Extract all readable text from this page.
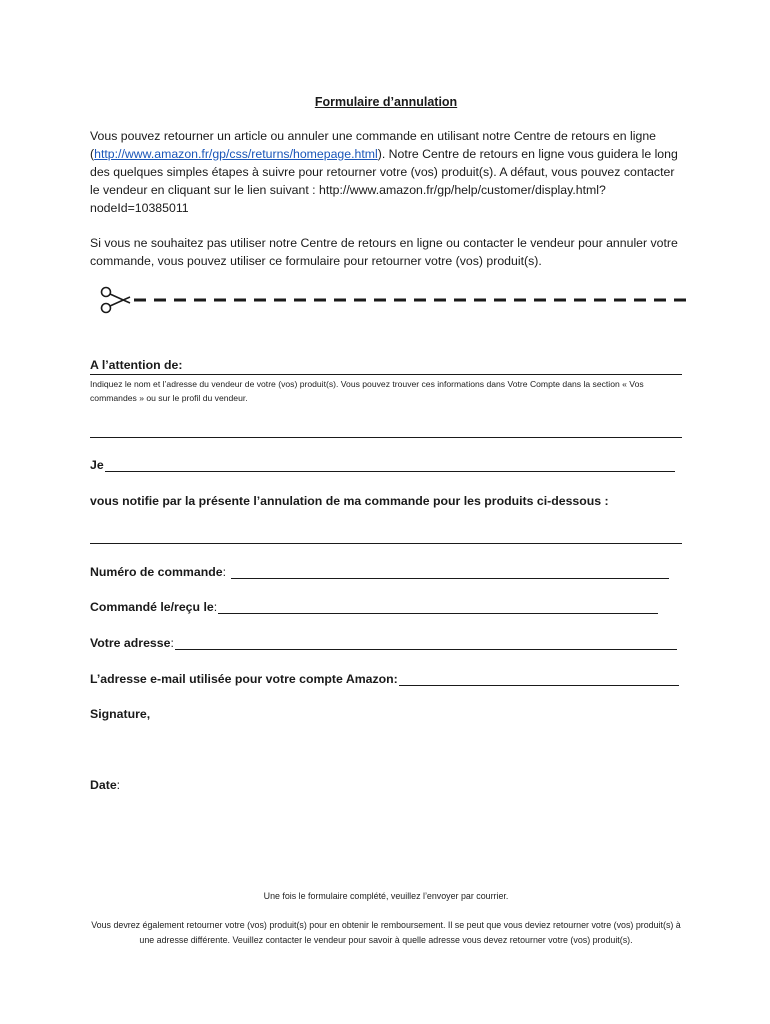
Formulaire d’annulation
Vous pouvez retourner un article ou annuler une commande en utilisant notre Centre de retours en ligne (http://www.amazon.fr/gp/css/returns/homepage.html). Notre Centre de retours en ligne vous guidera le long des quelques simples étapes à suivre pour retourner votre (vos) produit(s). A défaut, vous pouvez contacter le vendeur en cliquant sur le lien suivant : http://www.amazon.fr/gp/help/customer/display.html?nodeId=10385011
Si vous ne souhaitez pas utiliser notre Centre de retours en ligne ou contacter le vendeur pour annuler votre commande, vous pouvez utiliser ce formulaire pour retourner votre (vos) produit(s).
A l’attention de:
Indiquez le nom et l’adresse du vendeur de votre (vos) produit(s). Vous pouvez trouver ces informations dans Votre Compte dans la section « Vos commandes » ou sur le profil du vendeur.
Je
vous notifie par la présente l’annulation de ma commande pour les produits ci-dessous :
Numéro de commande :
Commandé le/reçu le :
Votre adresse :
L’adresse e-mail utilisée pour votre compte Amazon:
Signature,
Date :
Une fois le formulaire complété, veuillez l’envoyer par courrier.
Vous devrez également retourner votre (vos) produit(s) pour en obtenir le remboursement. Il se peut que vous deviez retourner votre (vos) produit(s) à une adresse différente. Veuillez contacter le vendeur pour savoir à quelle adresse vous devez retourner votre (vos) produit(s).
